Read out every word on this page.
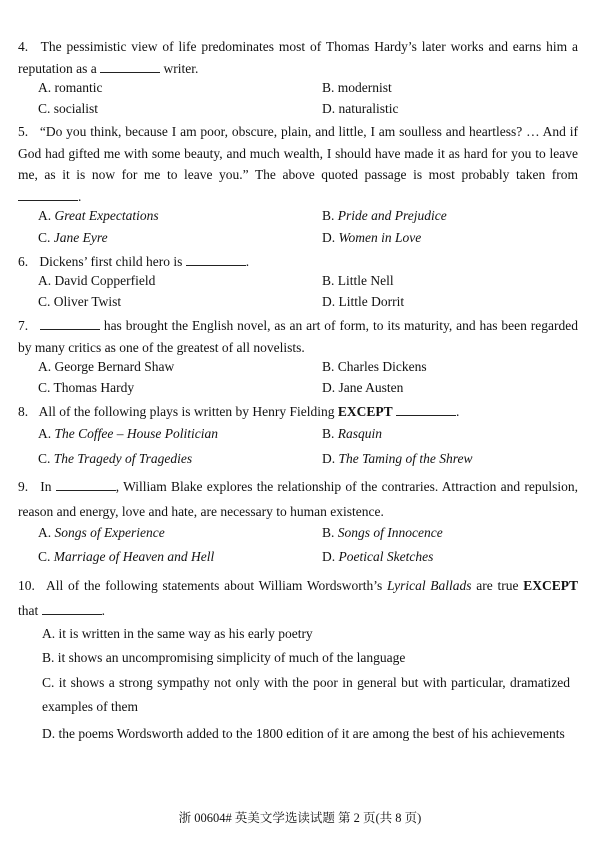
4. The pessimistic view of life predominates most of Thomas Hardy’s later works and earns him a reputation as a	writer.
A. romantic	B. modernist
C. socialist	D. naturalistic
5. “Do you think, because I am poor, obscure, plain, and little, I am soulless and heartless? … And if God had gifted me with some beauty, and much wealth, I should have made it as hard for you to leave me, as it is now for me to leave you.” The above quoted passage is most probably taken from .
A. Great Expectations	B. Pride and Prejudice
C. Jane Eyre	D. Women in Love
6. Dickens’ first child hero is	.
A. David Copperfield	B. Little Nell
C. Oliver Twist	D. Little Dorrit
7.	has brought the English novel, as an art of form, to its maturity, and has been regarded by many critics as one of the greatest of all novelists.
A. George Bernard Shaw	B. Charles Dickens
C. Thomas Hardy	D. Jane Austen
8. All of the following plays is written by Henry Fielding EXCEPT	.
A. The Coffee – House Politician	B. Rasquin
C. The Tragedy of Tragedies	D. The Taming of the Shrew
9. In	, William Blake explores the relationship of the contraries. Attraction and repulsion, reason and energy, love and hate, are necessary to human existence.
A. Songs of Experience	B. Songs of Innocence
C. Marriage of Heaven and Hell	D. Poetical Sketches
10. All of the following statements about William Wordsworth’s Lyrical Ballads are true EXCEPT that	.
A. it is written in the same way as his early poetry
B. it shows an uncompromising simplicity of much of the language
C. it shows a strong sympathy not only with the poor in general but with particular, dramatized examples of them
D. the poems Wordsworth added to the 1800 edition of it are among the best of his achievements
浙 00604# 英美文学选读试题 第 2 页(共 8 页)
